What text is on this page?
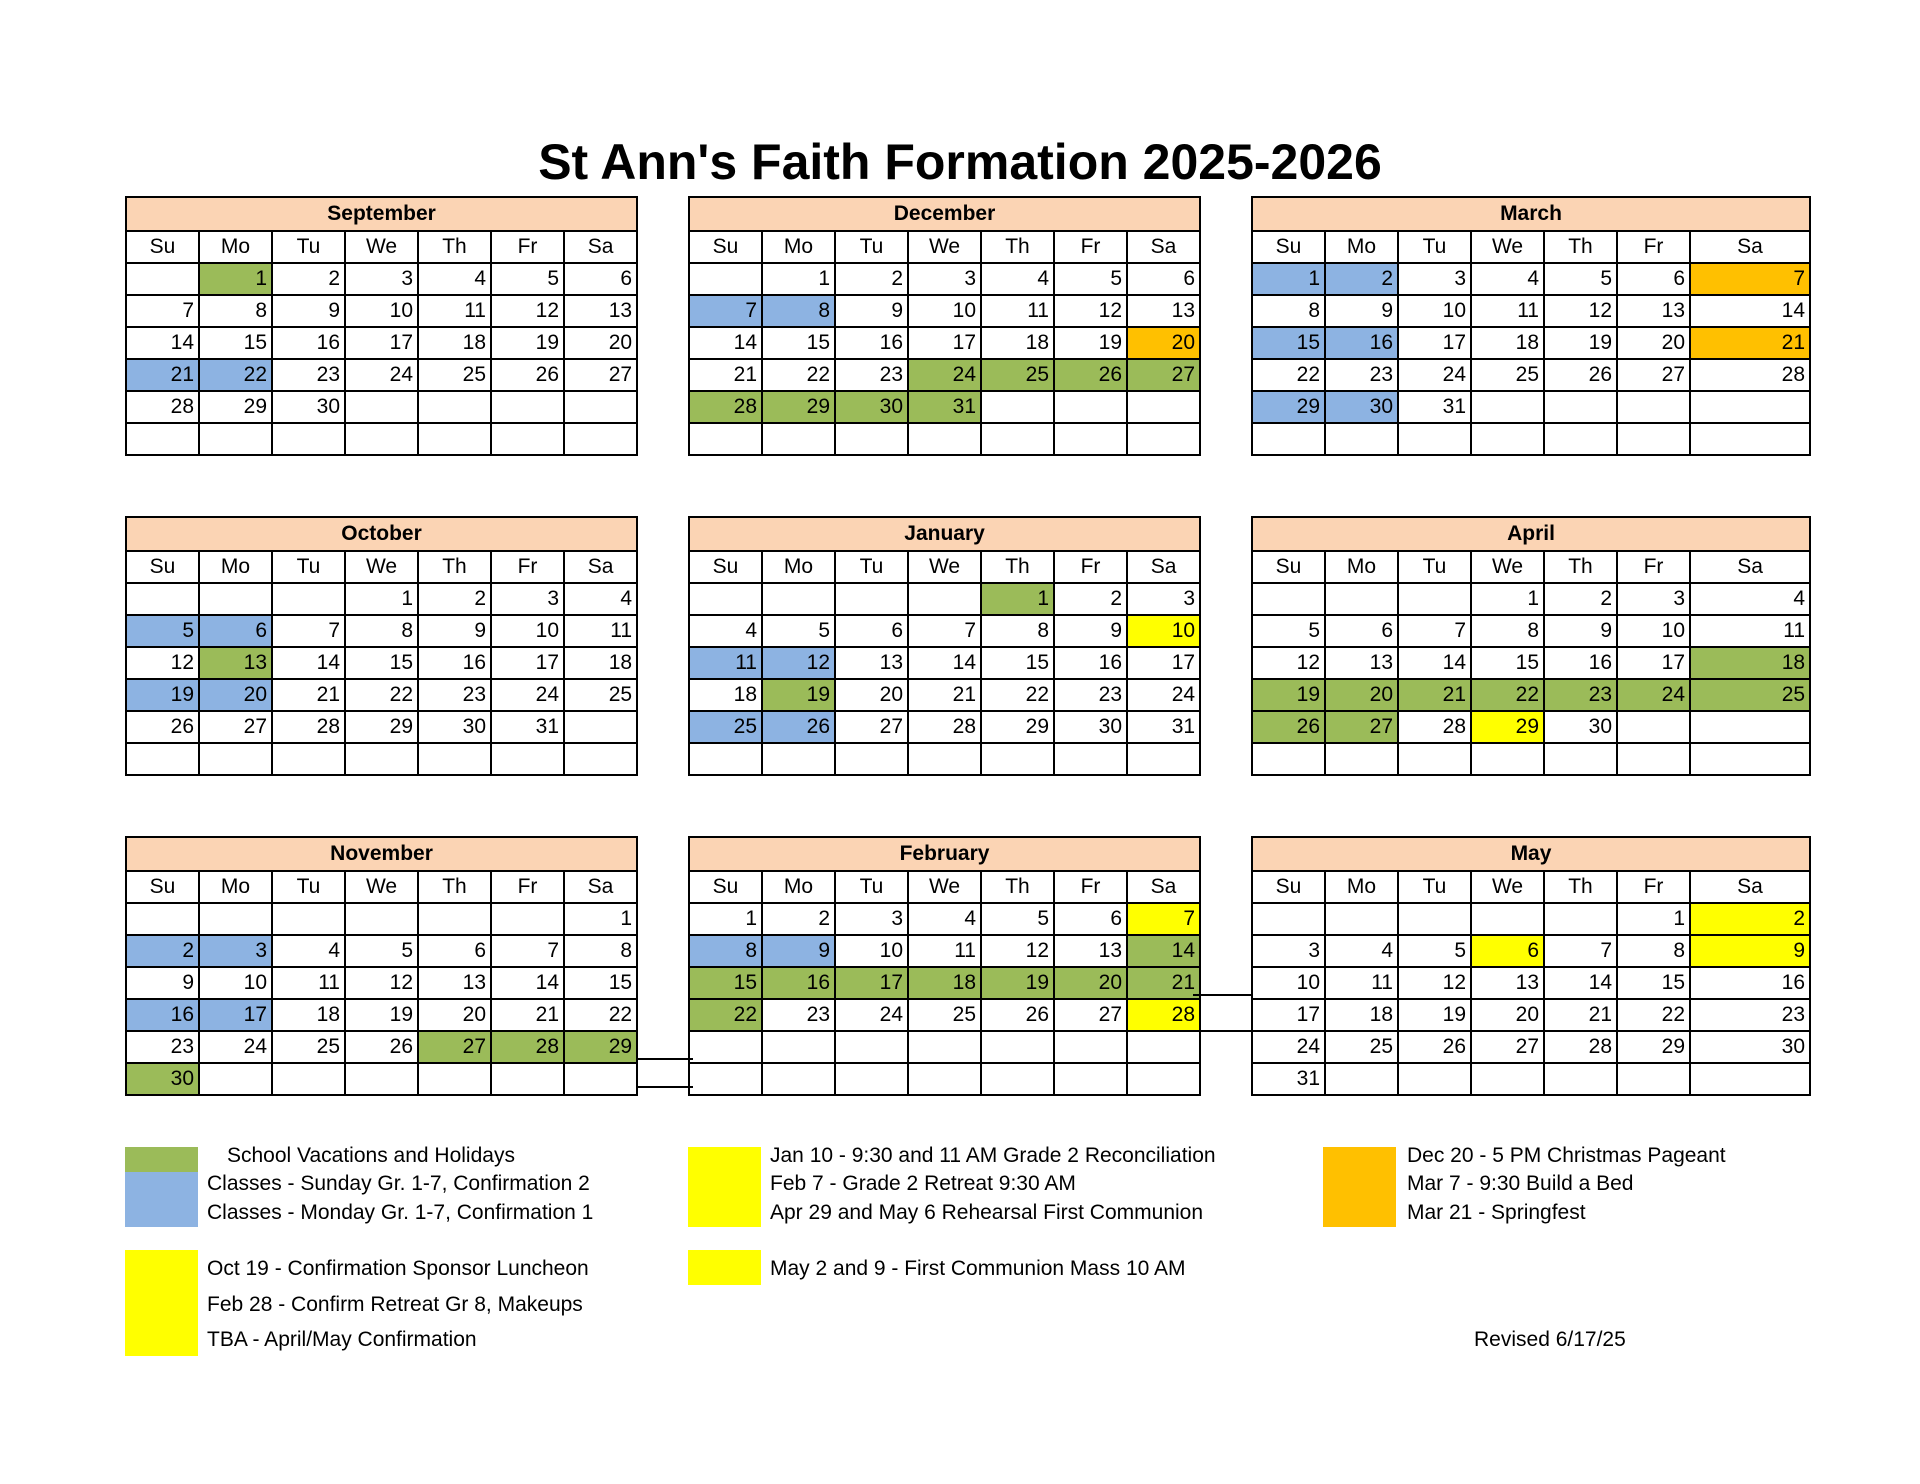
St Ann's Faith Formation 2025-2026
September						
Su	Mo	Tu	We	Th	Fr	Sa
	1	2	3	4	5	6
7	8	9	10	11	12	13
14	15	16	17	18	19	20
21	22	23	24	25	26	27
28	29	30				

October						
Su	Mo	Tu	We	Th	Fr	Sa
			1	2	3	4
5	6	7	8	9	10	11
12	13	14	15	16	17	18
19	20	21	22	23	24	25
26	27	28	29	30	31	

November						
Su	Mo	Tu	We	Th	Fr	Sa
						1
2	3	4	5	6	7	8
9	10	11	12	13	14	15
16	17	18	19	20	21	22
23	24	25	26	27	28	29
30						
December						
Su	Mo	Tu	We	Th	Fr	Sa
	1	2	3	4	5	6
7	8	9	10	11	12	13
14	15	16	17	18	19	20
21	22	23	24	25	26	27
28	29	30	31			

January						
Su	Mo	Tu	We	Th	Fr	Sa
				1	2	3
4	5	6	7	8	9	10
11	12	13	14	15	16	17
18	19	20	21	22	23	24
25	26	27	28	29	30	31

February						
Su	Mo	Tu	We	Th	Fr	Sa
1	2	3	4	5	6	7
8	9	10	11	12	13	14
15	16	17	18	19	20	21
22	23	24	25	26	27	28

March						
Su	Mo	Tu	We	Th	Fr	Sa
1	2	3	4	5	6	7
8	9	10	11	12	13	14
15	16	17	18	19	20	21
22	23	24	25	26	27	28
29	30	31				

April						
Su	Mo	Tu	We	Th	Fr	Sa
			1	2	3	4
5	6	7	8	9	10	11
12	13	14	15	16	17	18
19	20	21	22	23	24	25
26	27	28	29	30		

May						
Su	Mo	Tu	We	Th	Fr	Sa
					1	2
3	4	5	6	7	8	9
10	11	12	13	14	15	16
17	18	19	20	21	22	23
24	25	26	27	28	29	30
31						
School Vacations and Holidays
Classes - Sunday Gr. 1-7, Confirmation 2
Classes - Monday Gr. 1-7, Confirmation 1
Jan 10 - 9:30 and 11 AM Grade 2 Reconciliation
Feb 7 - Grade 2 Retreat 9:30 AM
Apr 29 and May 6 Rehearsal First Communion
Dec 20 - 5 PM Christmas Pageant
Mar 7 - 9:30 Build a Bed
Mar 21 - Springfest
Oct 19 - Confirmation Sponsor Luncheon
Feb 28 - Confirm Retreat Gr 8, Makeups
TBA - April/May Confirmation
May 2 and 9 - First Communion Mass 10 AM
Revised 6/17/25
